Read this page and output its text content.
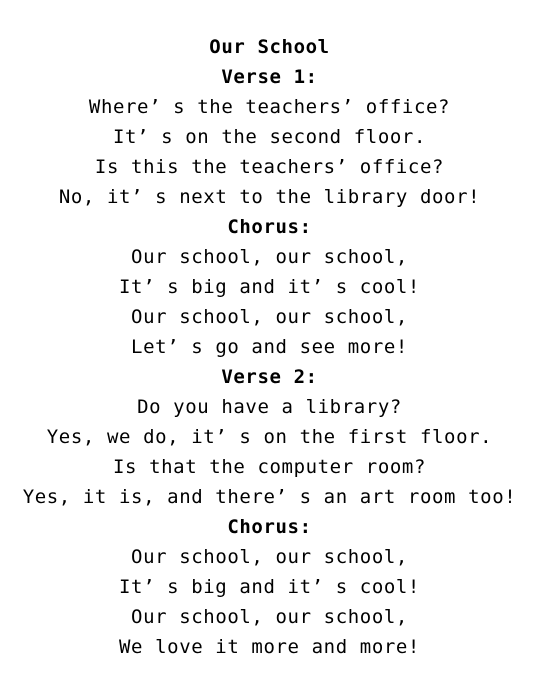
Our School
Verse 1:
Where’ s the teachers’ office?
It’ s on the second floor.
Is this the teachers’ office?
No, it’ s next to the library door!
Chorus:
Our school, our school,
It’ s big and it’ s cool!
Our school, our school,
Let’ s go and see more!
Verse 2:
Do you have a library?
Yes, we do, it’ s on the first floor.
Is that the computer room?
Yes, it is, and there’ s an art room too!
Chorus:
Our school, our school,
It’ s big and it’ s cool!
Our school, our school,
We love it more and more!
